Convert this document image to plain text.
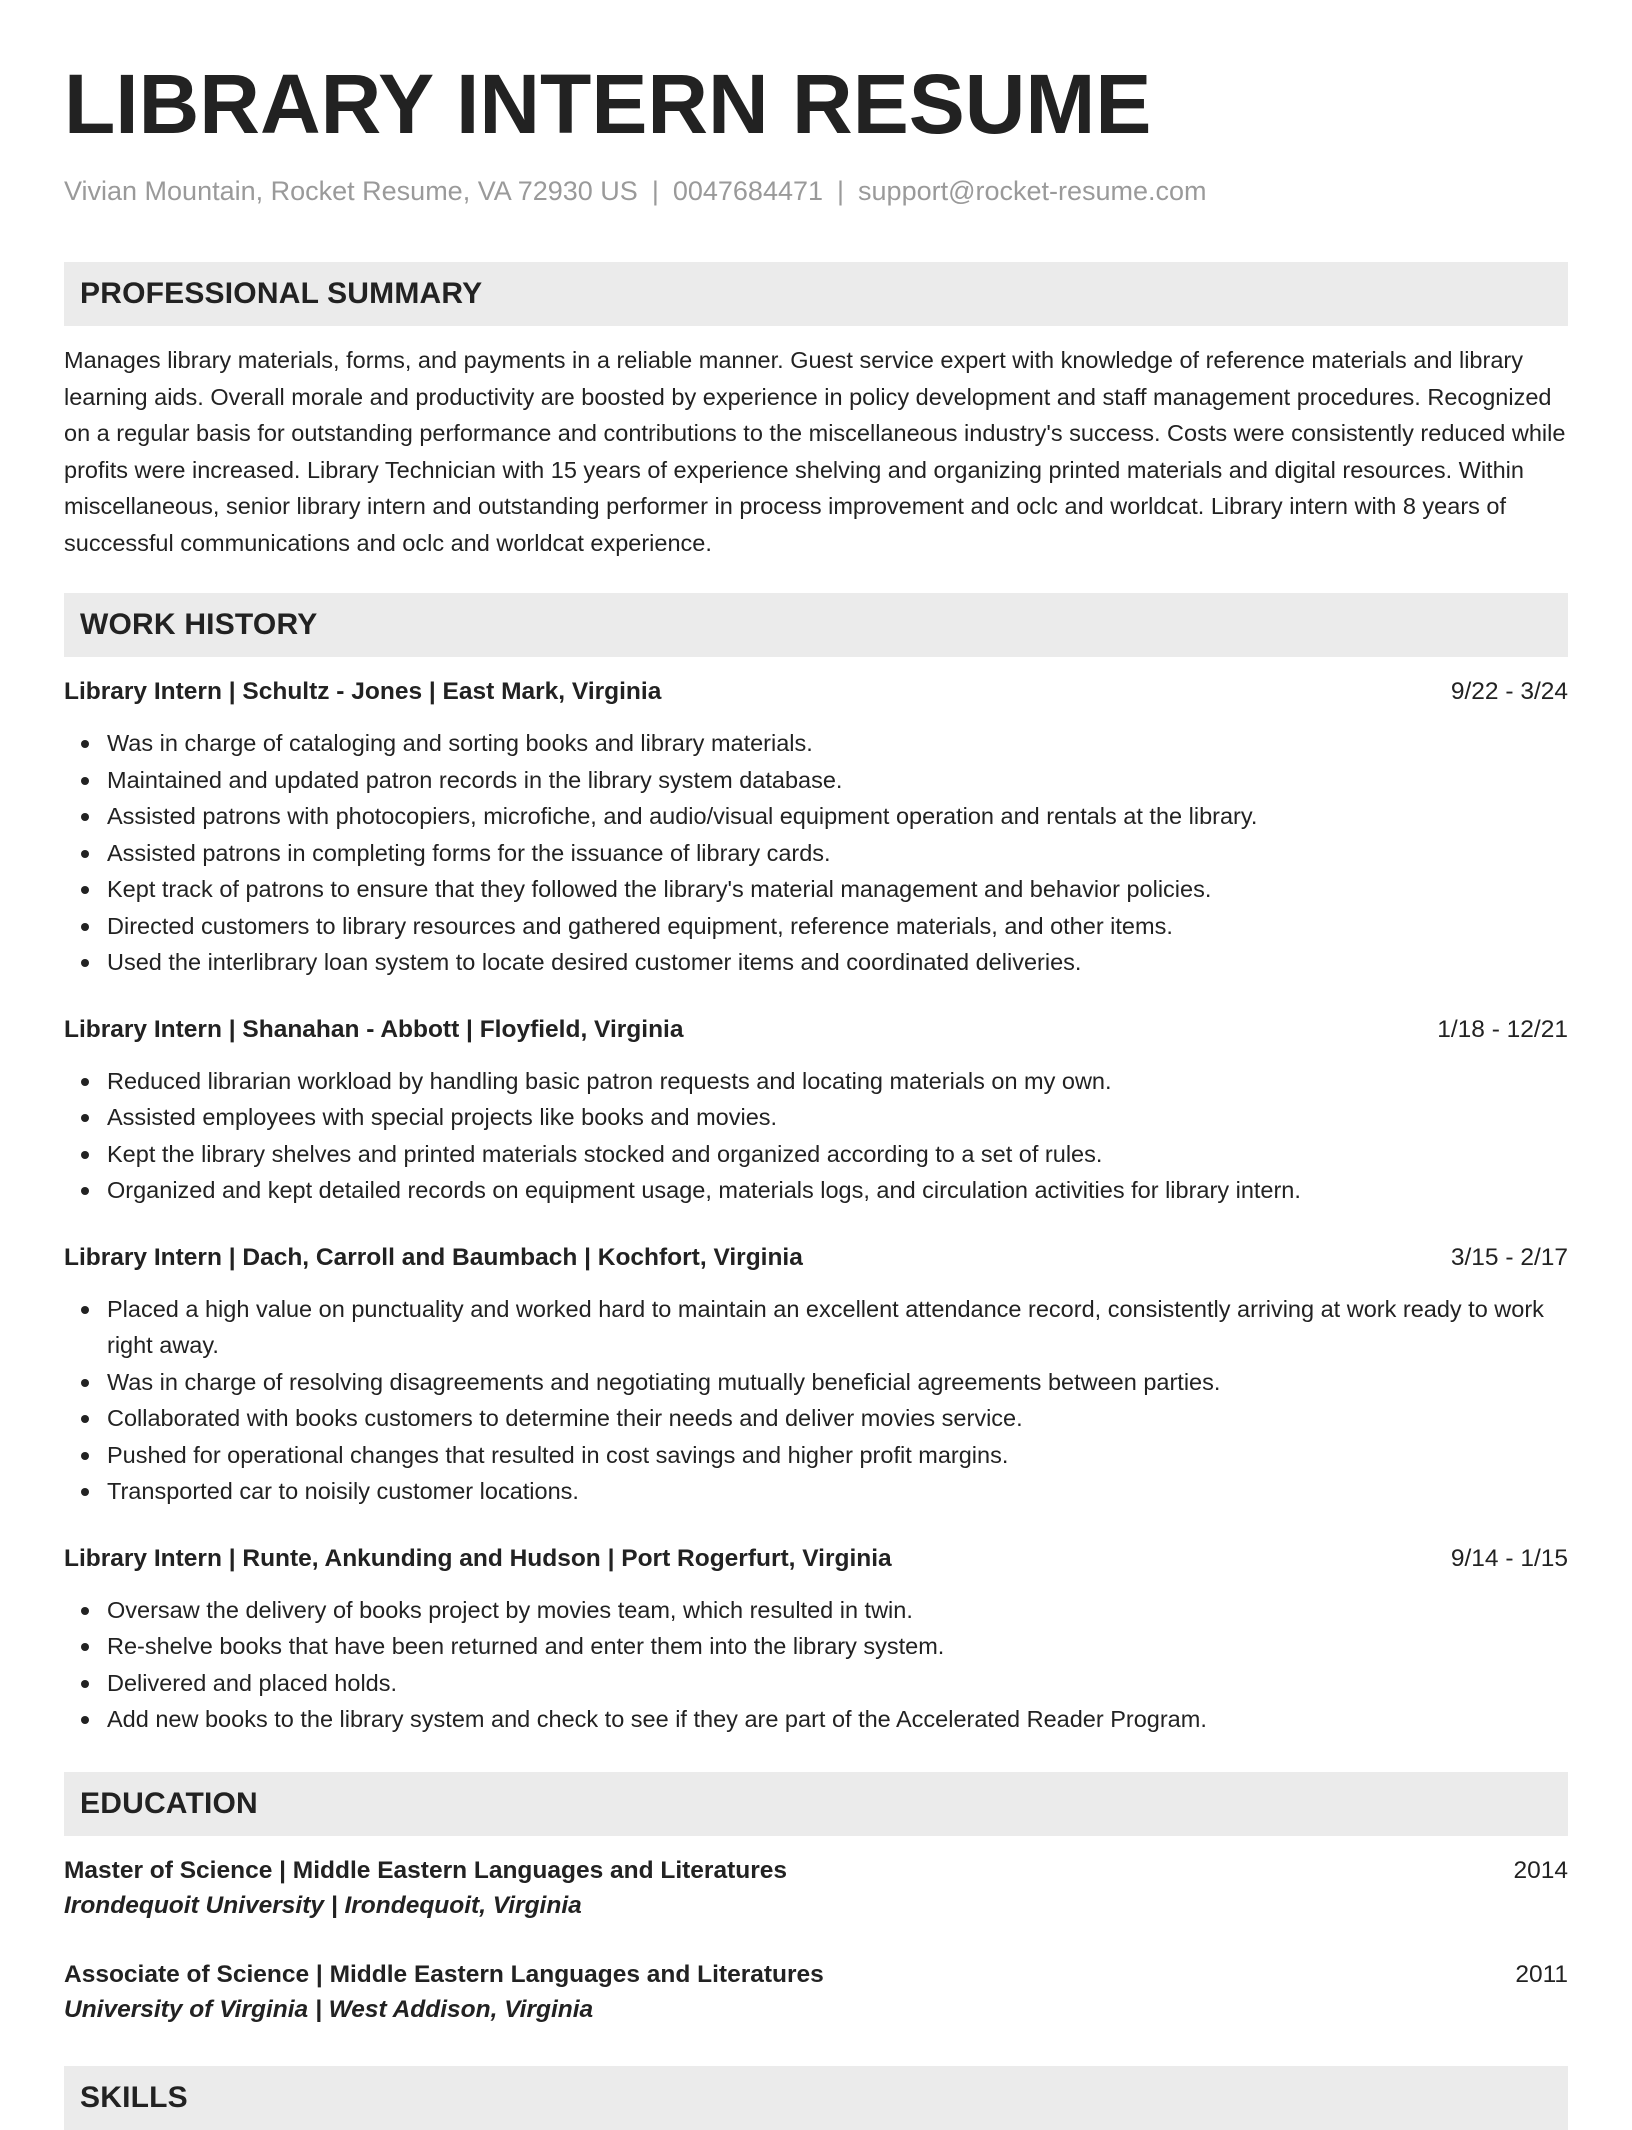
LIBRARY INTERN RESUME
Vivian Mountain, Rocket Resume, VA 72930 US | 0047684471 | support@rocket-resume.com
PROFESSIONAL SUMMARY

Manages library materials, forms, and payments in a reliable manner. Guest service expert with knowledge of reference materials and library learning aids. Overall morale and productivity are boosted by experience in policy development and staff management procedures. Recognized on a regular basis for outstanding performance and contributions to the miscellaneous industry's success. Costs were consistently reduced while profits were increased. Library Technician with 15 years of experience shelving and organizing printed materials and digital resources. Within miscellaneous, senior library intern and outstanding performer in process improvement and oclc and worldcat. Library intern with 8 years of successful communications and oclc and worldcat experience.

WORK HISTORY
Library Intern | Schultz - Jones | East Mark, Virginia	9/22 - 3/24
Was in charge of cataloging and sorting books and library materials.
Maintained and updated patron records in the library system database.
Assisted patrons with photocopiers, microfiche, and audio/visual equipment operation and rentals at the library.
Assisted patrons in completing forms for the issuance of library cards.
Kept track of patrons to ensure that they followed the library's material management and behavior policies.
Directed customers to library resources and gathered equipment, reference materials, and other items.
Used the interlibrary loan system to locate desired customer items and coordinated deliveries.
Library Intern | Shanahan - Abbott | Floyfield, Virginia	1/18 - 12/21
Reduced librarian workload by handling basic patron requests and locating materials on my own.
Assisted employees with special projects like books and movies.
Kept the library shelves and printed materials stocked and organized according to a set of rules.
Organized and kept detailed records on equipment usage, materials logs, and circulation activities for library intern.
Library Intern | Dach, Carroll and Baumbach | Kochfort, Virginia	3/15 - 2/17
Placed a high value on punctuality and worked hard to maintain an excellent attendance record, consistently arriving at work ready to work right away.
Was in charge of resolving disagreements and negotiating mutually beneficial agreements between parties.
Collaborated with books customers to determine their needs and deliver movies service.
Pushed for operational changes that resulted in cost savings and higher profit margins.
Transported car to noisily customer locations.
Library Intern | Runte, Ankunding and Hudson | Port Rogerfurt, Virginia	9/14 - 1/15
Oversaw the delivery of books project by movies team, which resulted in twin.
Re-shelve books that have been returned and enter them into the library system.
Delivered and placed holds.
Add new books to the library system and check to see if they are part of the Accelerated Reader Program.
EDUCATION
Master of Science | Middle Eastern Languages and Literatures	2014
Irondequoit University | Irondequoit, Virginia
Associate of Science | Middle Eastern Languages and Literatures	2011
University of Virginia | West Addison, Virginia
SKILLS
